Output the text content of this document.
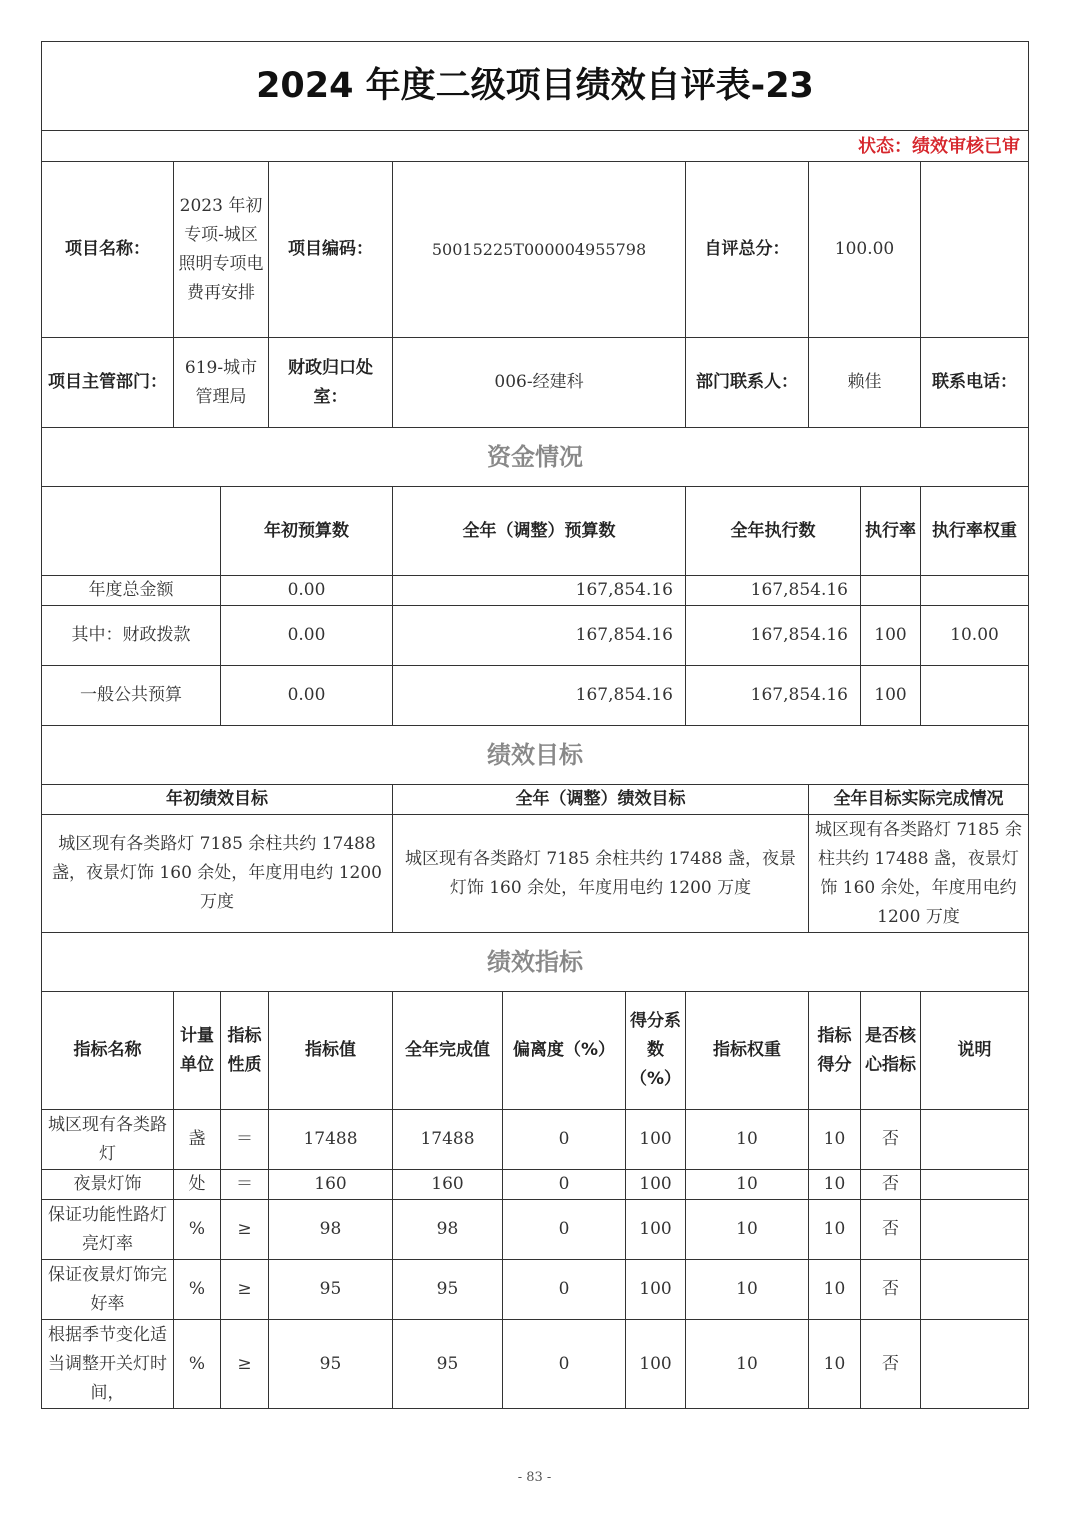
2024 年度二级项目绩效自评表-23										
状态：绩效审核已审										
项目名称：	2023 年初专项-城区照明专项电费再安排		项目编码：	50015225T000004955798			自评总分：	100.00		
项目主管部门：	619-城市管理局		财政归口处室：	006-经建科			部门联系人：	赖佳		联系电话：
资金情况										
		年初预算数		全年（调整）预算数			全年执行数		执行率	执行率权重
年度总金额		0.00		167,854.16			167,854.16			
其中：财政拨款		0.00		167,854.16			167,854.16		100	10.00
一般公共预算		0.00		167,854.16			167,854.16		100	
绩效目标										
年初绩效目标				全年（调整）绩效目标				全年目标实际完成情况		
城区现有各类路灯 7185 余柱共约 17488 盏，夜景灯饰 160 余处，年度用电约 1200 万度				城区现有各类路灯 7185 余柱共约 17488 盏，夜景灯饰 160 余处，年度用电约 1200 万度				城区现有各类路灯 7185 余柱共约 17488 盏，夜景灯饰 160 余处，年度用电约 1200 万度		
绩效指标										
指标名称	计量单位	指标性质	指标值	全年完成值	偏离度（%）	得分系数（%）	指标权重	指标得分	是否核心指标	说明
城区现有各类路灯	盏	＝	17488	17488	0	100	10	10	否	
夜景灯饰	处	＝	160	160	0	100	10	10	否	
保证功能性路灯亮灯率	%	≥	98	98	0	100	10	10	否	
保证夜景灯饰完好率	%	≥	95	95	0	100	10	10	否	
根据季节变化适当调整开关灯时间，	%	≥	95	95	0	100	10	10	否	
- 83 -
